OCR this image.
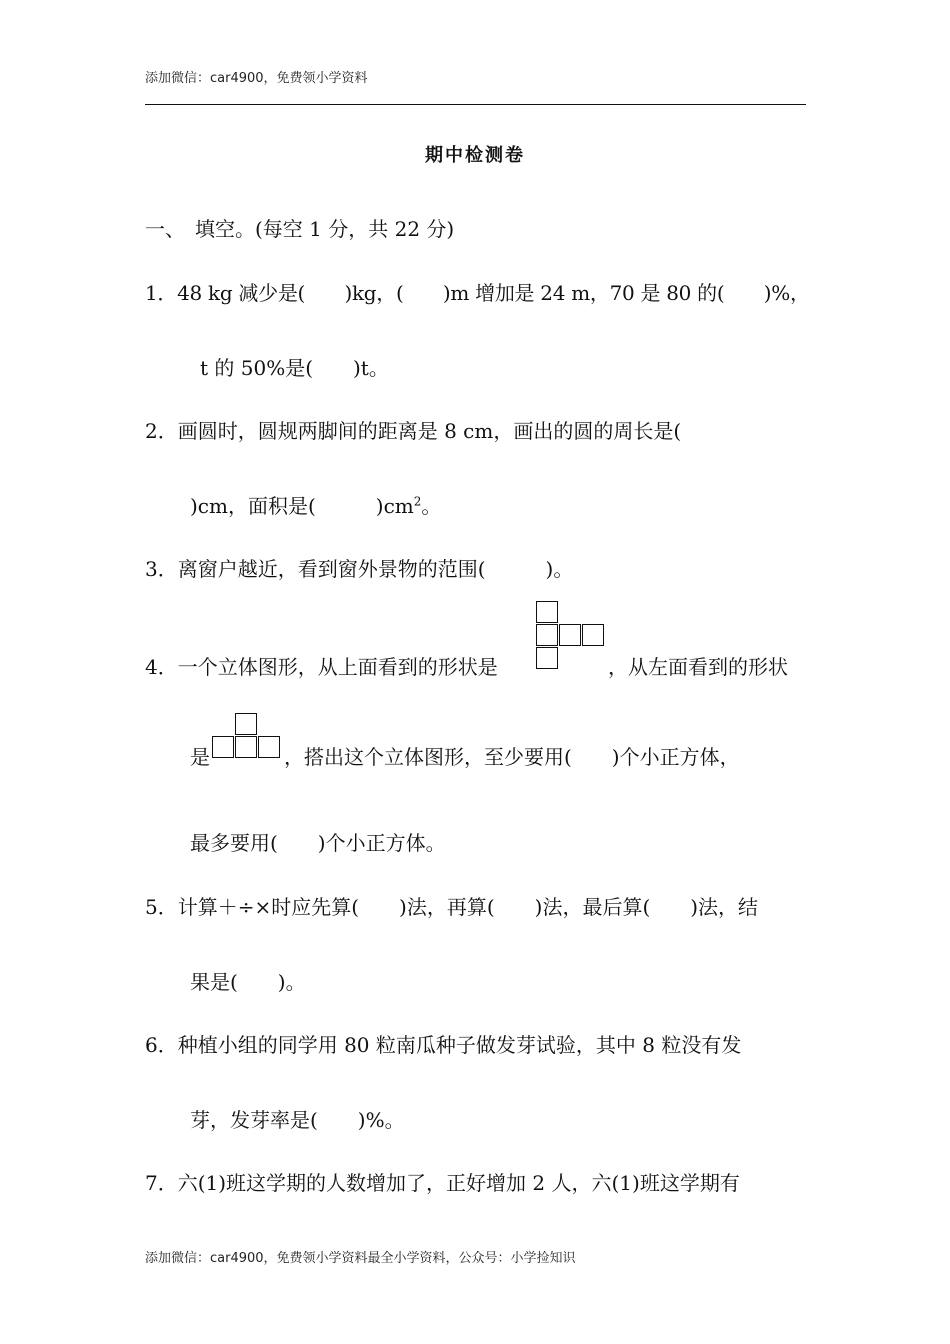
添加微信：car4900，免费领小学资料
期中检测卷
一、　填空。(每空 1 分，共 22 分)
1．48 kg 减少是(　　)kg，(　　)m 增加是 24 m，70 是 80 的(　　)%，
t 的 50%是(　　)t。
2．画圆时，圆规两脚间的距离是 8 cm，画出的圆的周长是(
)cm，面积是(　　　)$cm^2$。
3．离窗户越近，看到窗外景物的范围(　　　)。
4．一个立体图形，从上面看到的形状是	，从左面看到的形状
是	，搭出这个立体图形，至少要用(　　)个小正方体，
最多要用(　　)个小正方体。
5．计算＋÷×时应先算(　　)法，再算(　　)法，最后算(　　)法，结
果是(　　)。
6．种植小组的同学用 80 粒南瓜种子做发芽试验，其中 8 粒没有发
芽，发芽率是(　　)%。
7．六(1)班这学期的人数增加了，正好增加 2 人，六(1)班这学期有
添加微信：car4900，免费领小学资料最全小学资料，公众号：小学捡知识
